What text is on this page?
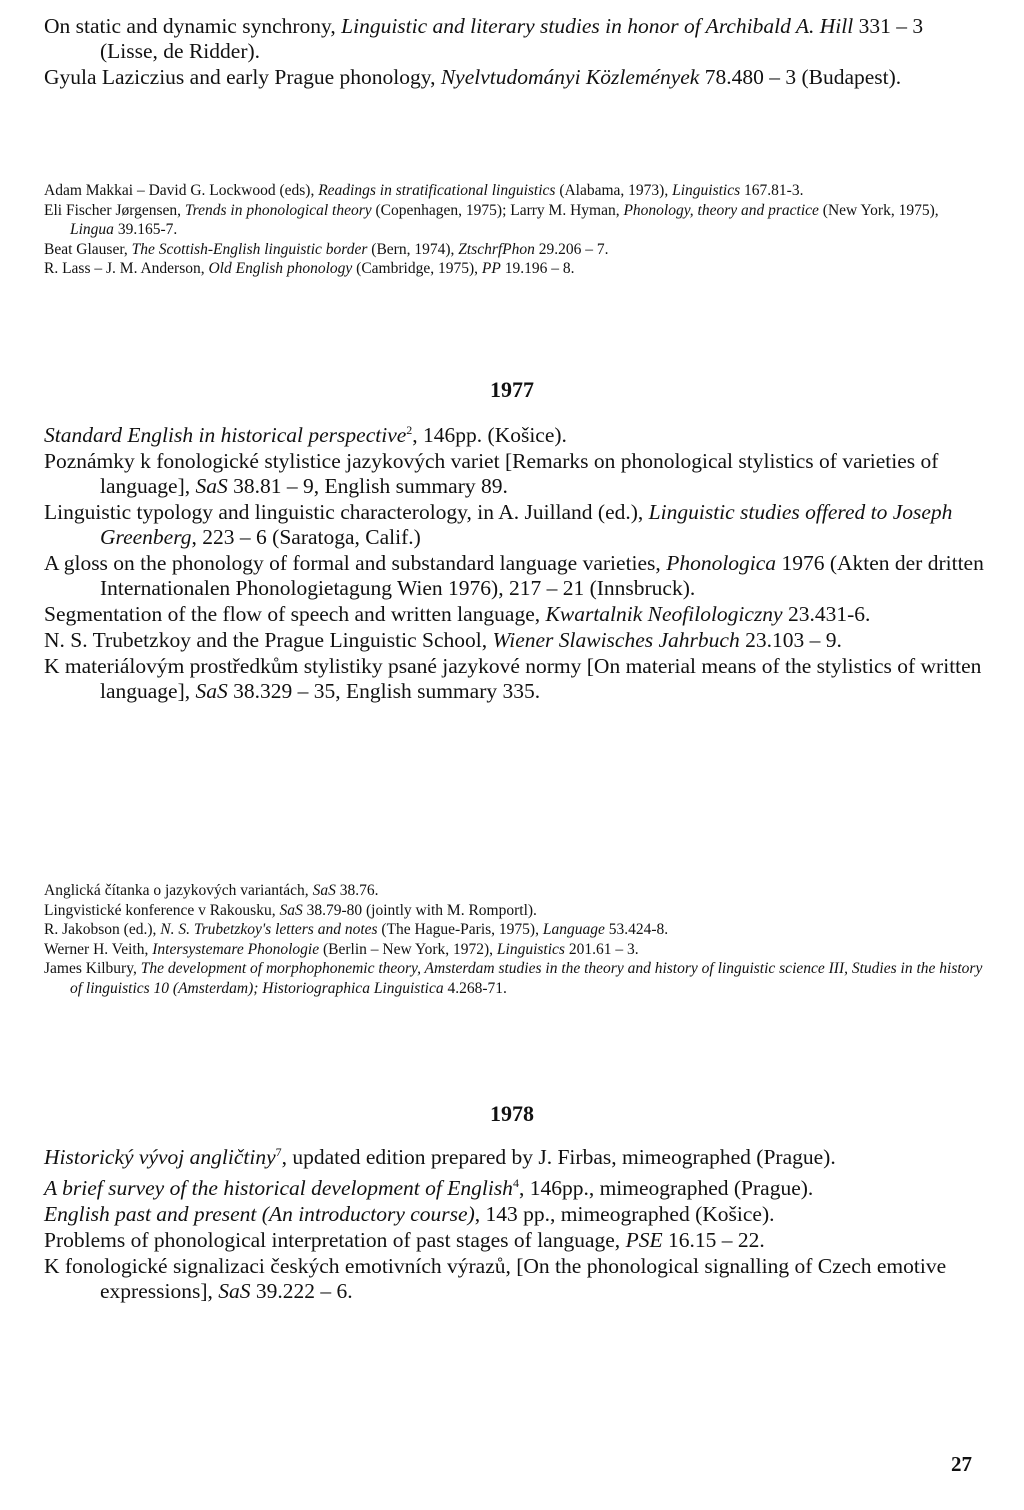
On static and dynamic synchrony, Linguistic and literary studies in honor of Archibald A. Hill 331 – 3 (Lisse, de Ridder).

Gyula Laziczius and early Prague phonology, Nyelvtudományi Közlemények 78.480 – 3 (Budapest).

Adam Makkai – David G. Lockwood (eds), Readings in stratificational linguistics (Alabama, 1973), Linguistics 167.81-3.

Eli Fischer Jørgensen, Trends in phonological theory (Copenhagen, 1975); Larry M. Hyman, Phonology, theory and practice (New York, 1975), Lingua 39.165-7.

Beat Glauser, The Scottish-English linguistic border (Bern, 1974), ZtschrfPhon 29.206 – 7.

R. Lass – J. M. Anderson, Old English phonology (Cambridge, 1975), PP 19.196 – 8.

1977

Standard English in historical perspective$^2$, 146pp. (Košice).

Poznámky k fonologické stylistice jazykových variet [Remarks on phonological stylistics of varieties of language], SaS 38.81 – 9, English summary 89.

Linguistic typology and linguistic characterology, in A. Juilland (ed.), Linguistic studies offered to Joseph Greenberg, 223 – 6 (Saratoga, Calif.)

A gloss on the phonology of formal and substandard language varieties, Phonologica 1976 (Akten der dritten Internationalen Phonologietagung Wien 1976), 217 – 21 (Innsbruck).

Segmentation of the flow of speech and written language, Kwartalnik Neofilologiczny 23.431-6.

N. S. Trubetzkoy and the Prague Linguistic School, Wiener Slawisches Jahrbuch 23.103 – 9.

K materiálovým prostředkům stylistiky psané jazykové normy [On material means of the stylistics of written language], SaS 38.329 – 35, English summary 335.

Anglická čítanka o jazykových variantách, SaS 38.76.

Lingvistické konference v Rakousku, SaS 38.79-80 (jointly with M. Romportl).

R. Jakobson (ed.), N. S. Trubetzkoy's letters and notes (The Hague-Paris, 1975), Language 53.424-8.

Werner H. Veith, Intersystemare Phonologie (Berlin – New York, 1972), Linguistics 201.61 – 3.

James Kilbury, The development of morphophonemic theory, Amsterdam studies in the theory and history of linguistic science III, Studies in the history of linguistics 10 (Amsterdam); Historiographica Linguistica 4.268-71.

1978

Historický vývoj angličtiny$^7$, updated edition prepared by J. Firbas, mimeographed (Prague).

A brief survey of the historical development of English$^4$, 146pp., mimeographed (Prague).

English past and present (An introductory course), 143 pp., mimeographed (Košice).

Problems of phonological interpretation of past stages of language, PSE 16.15 – 22.

K fonologické signalizaci českých emotivních výrazů, [On the phonological signalling of Czech emotive expressions], SaS 39.222 – 6.

27
